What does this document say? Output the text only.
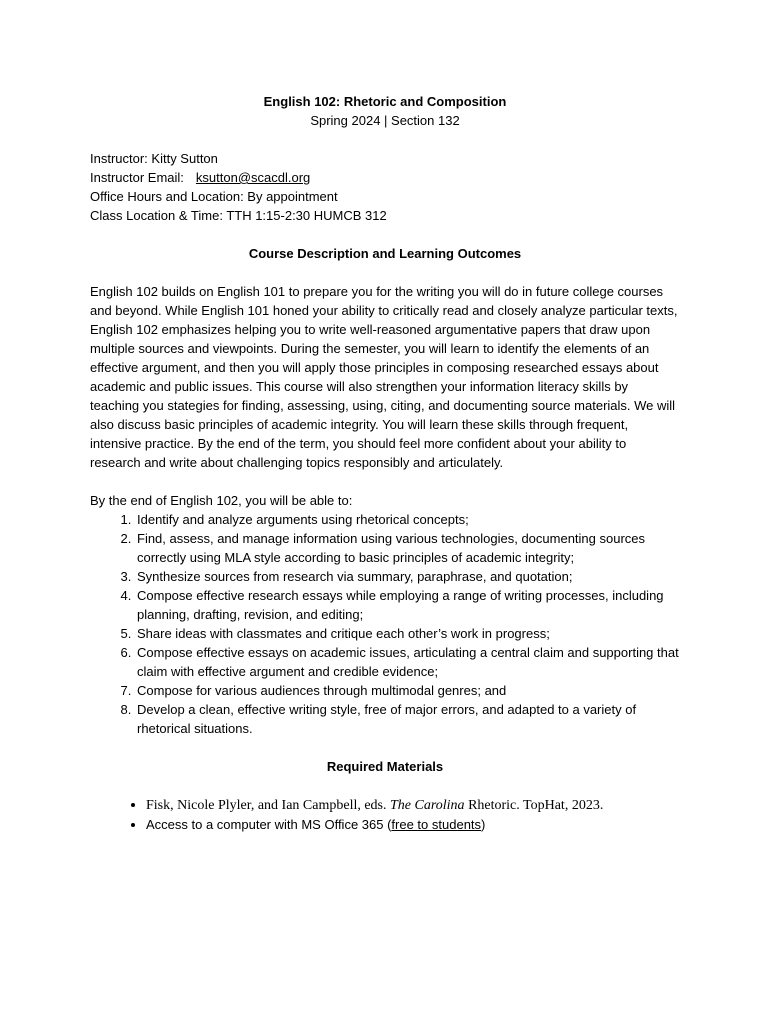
English 102: Rhetoric and Composition

Spring 2024 | Section 132

Instructor: Kitty Sutton

Instructor Email: ksutton@scacdl.org

Office Hours and Location: By appointment

Class Location & Time: TTH 1:15-2:30 HUMCB 312

Course Description and Learning Outcomes

English 102 builds on English 101 to prepare you for the writing you will do in future college courses and beyond. While English 101 honed your ability to critically read and closely analyze particular texts, English 102 emphasizes helping you to write well-reasoned argumentative papers that draw upon multiple sources and viewpoints. During the semester, you will learn to identify the elements of an effective argument, and then you will apply those principles in composing researched essays about academic and public issues. This course will also strengthen your information literacy skills by teaching you stategies for finding, assessing, using, citing, and documenting source materials. We will also discuss basic principles of academic integrity. You will learn these skills through frequent, intensive practice. By the end of the term, you should feel more confident about your ability to research and write about challenging topics responsibly and articulately.

By the end of English 102, you will be able to:

1. Identify and analyze arguments using rhetorical concepts;
2. Find, assess, and manage information using various technologies, documenting sources correctly using MLA style according to basic principles of academic integrity;
3. Synthesize sources from research via summary, paraphrase, and quotation;
4. Compose effective research essays while employing a range of writing processes, including planning, drafting, revision, and editing;
5. Share ideas with classmates and critique each other’s work in progress;
6. Compose effective essays on academic issues, articulating a central claim and supporting that claim with effective argument and credible evidence;
7. Compose for various audiences through multimodal genres; and
8. Develop a clean, effective writing style, free of major errors, and adapted to a variety of rhetorical situations.

Required Materials

• Fisk, Nicole Plyler, and Ian Campbell, eds. The Carolina Rhetoric. TopHat, 2023.
• Access to a computer with MS Office 365 (free to students)
